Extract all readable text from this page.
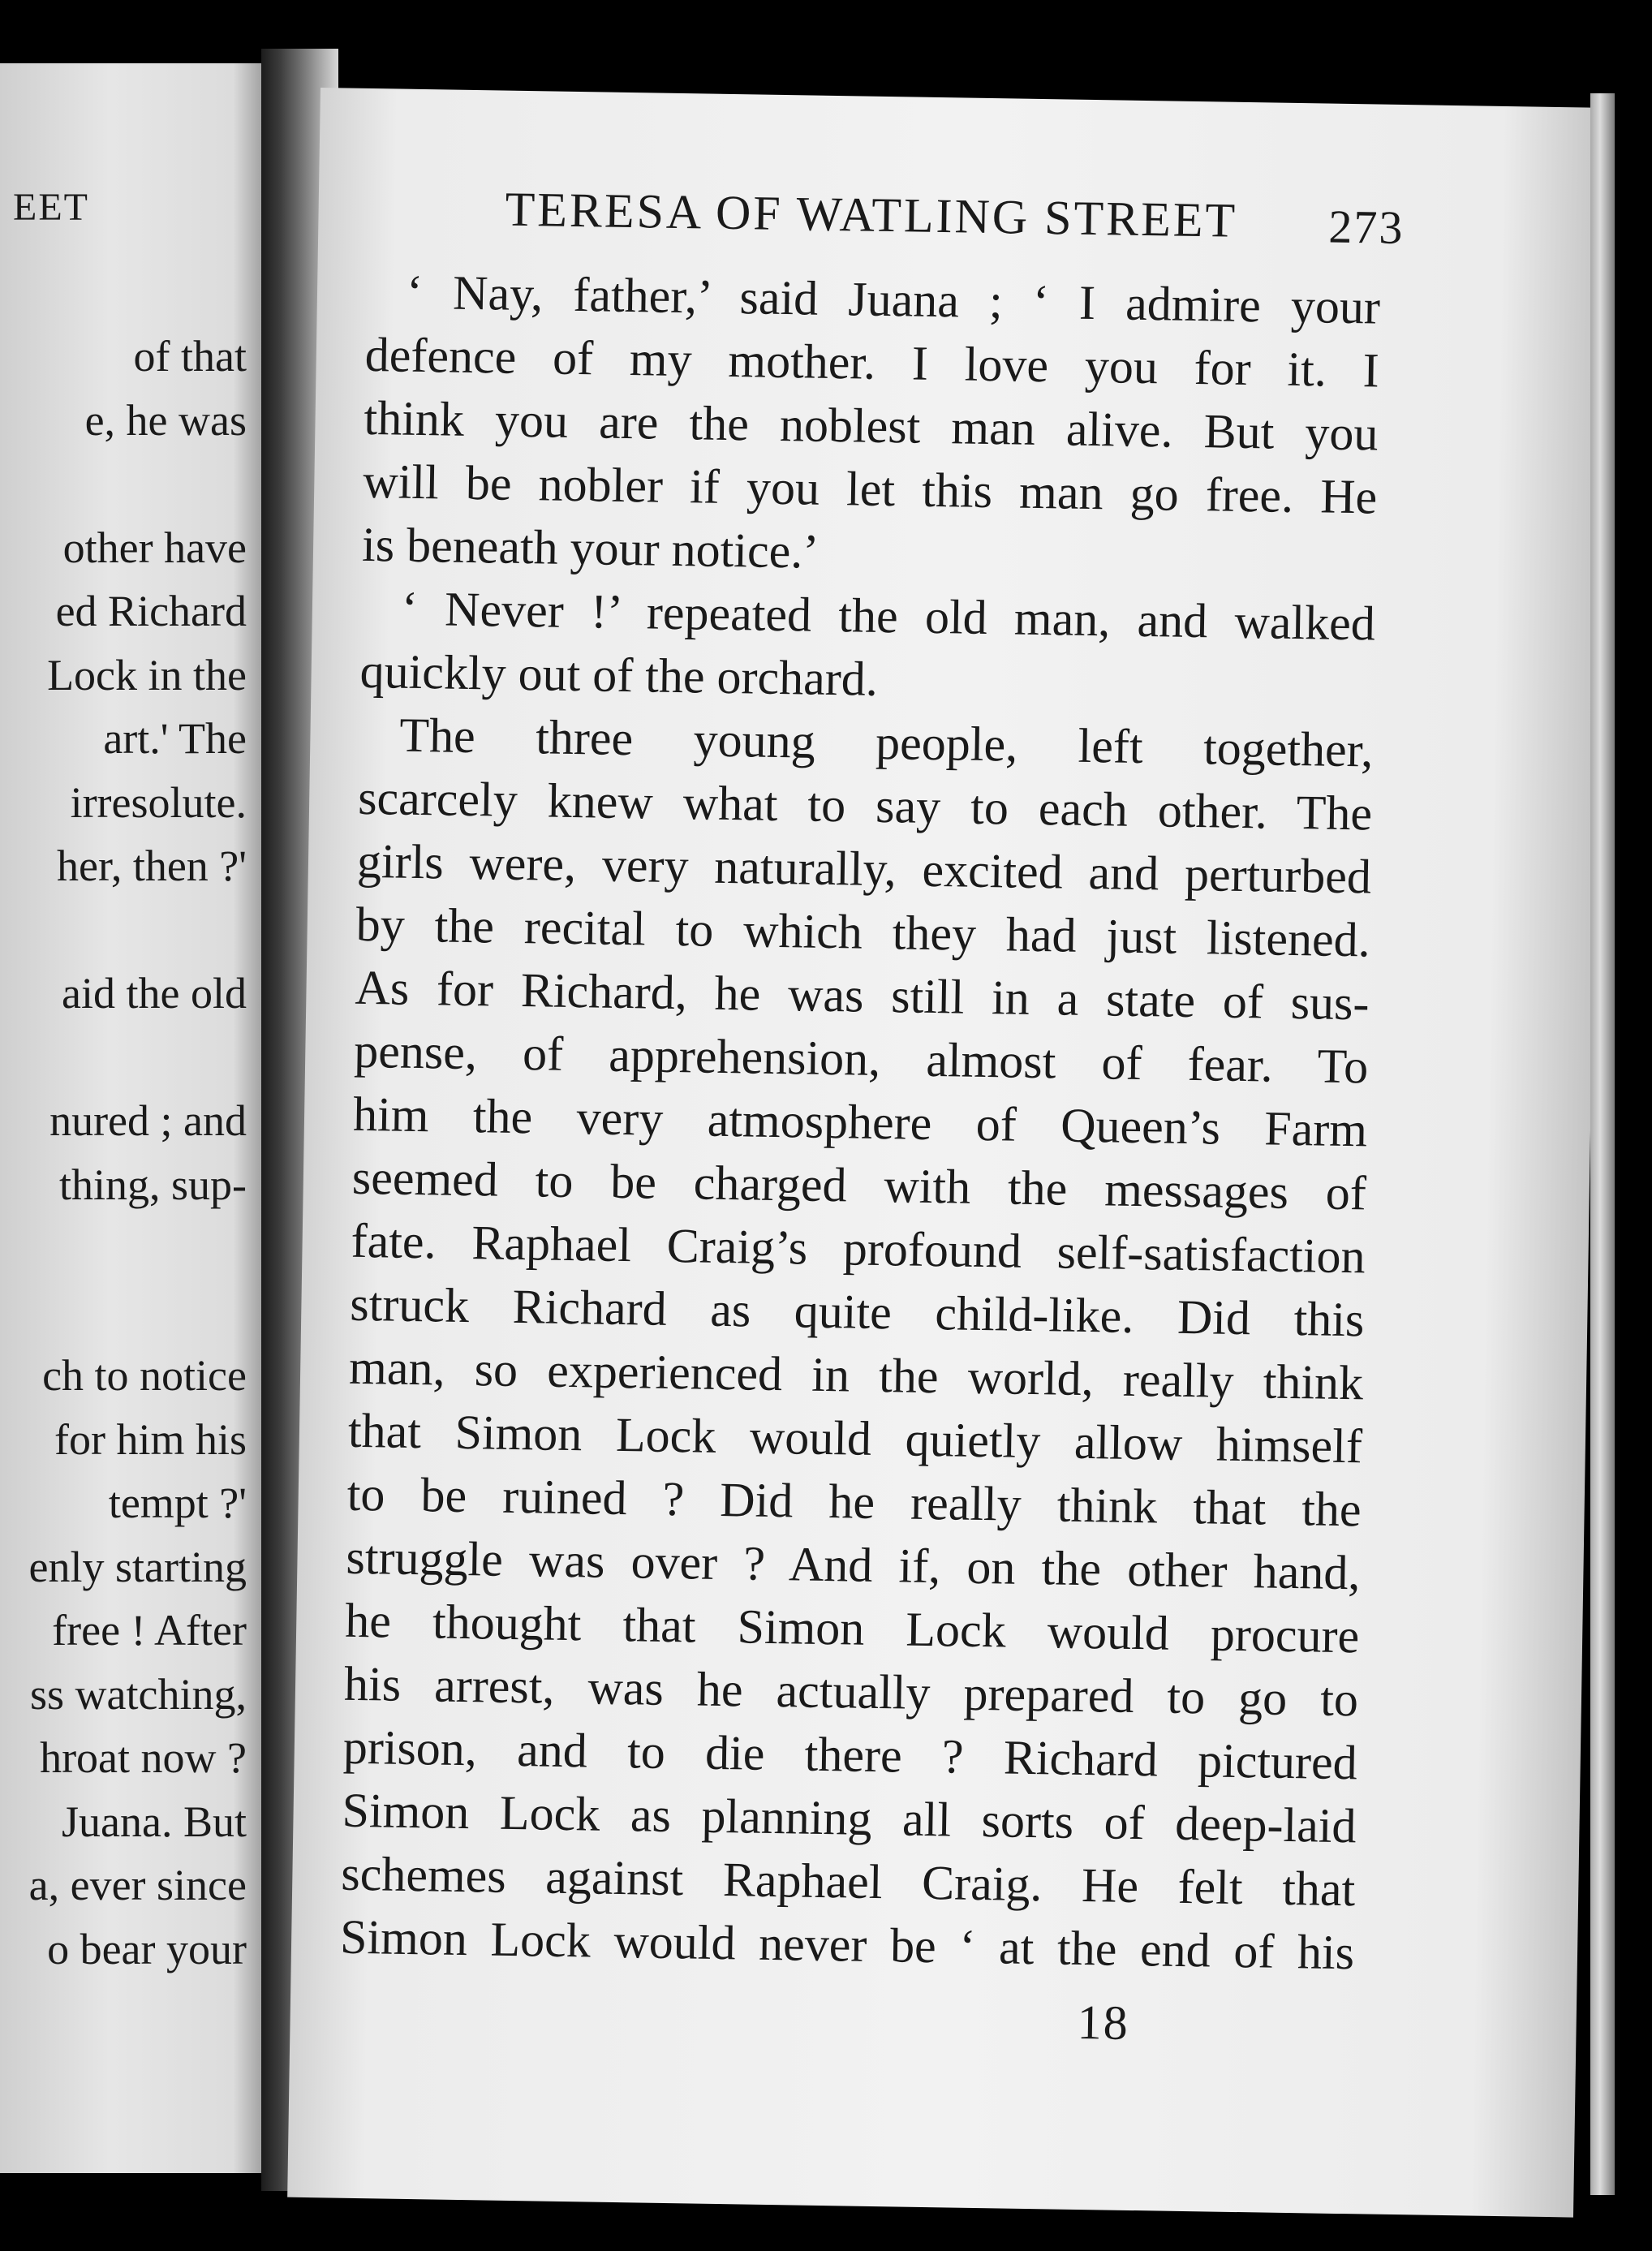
EET
of that
e, he was
other have
ed Richard
Lock in the
art.' The
irresolute.
her, then ?'
aid the old
nured ; and
thing, sup-
ch to notice
for him his
tempt ?'
enly starting
free ! After
ss watching,
hroat now ?
Juana. But
a, ever since
o bear your
TERESA OF WATLING STREET 273
‘ Nay, father,’ said Juana ; ‘ I admire your
defence of my mother. I love you for it. I
think you are the noblest man alive. But you
will be nobler if you let this man go free. He
is beneath your notice.’
‘ Never !’ repeated the old man, and walked
quickly out of the orchard.
The three young people, left together,
scarcely knew what to say to each other. The
girls were, very naturally, excited and perturbed
by the recital to which they had just listened.
As for Richard, he was still in a state of sus-
pense, of apprehension, almost of fear. To
him the very atmosphere of Queen’s Farm
seemed to be charged with the messages of
fate. Raphael Craig’s profound self-satisfaction
struck Richard as quite child-like. Did this
man, so experienced in the world, really think
that Simon Lock would quietly allow himself
to be ruined ? Did he really think that the
struggle was over ? And if, on the other hand,
he thought that Simon Lock would procure
his arrest, was he actually prepared to go to
prison, and to die there ? Richard pictured
Simon Lock as planning all sorts of deep-laid
schemes against Raphael Craig. He felt that
Simon Lock would never be ‘ at the end of his
18
